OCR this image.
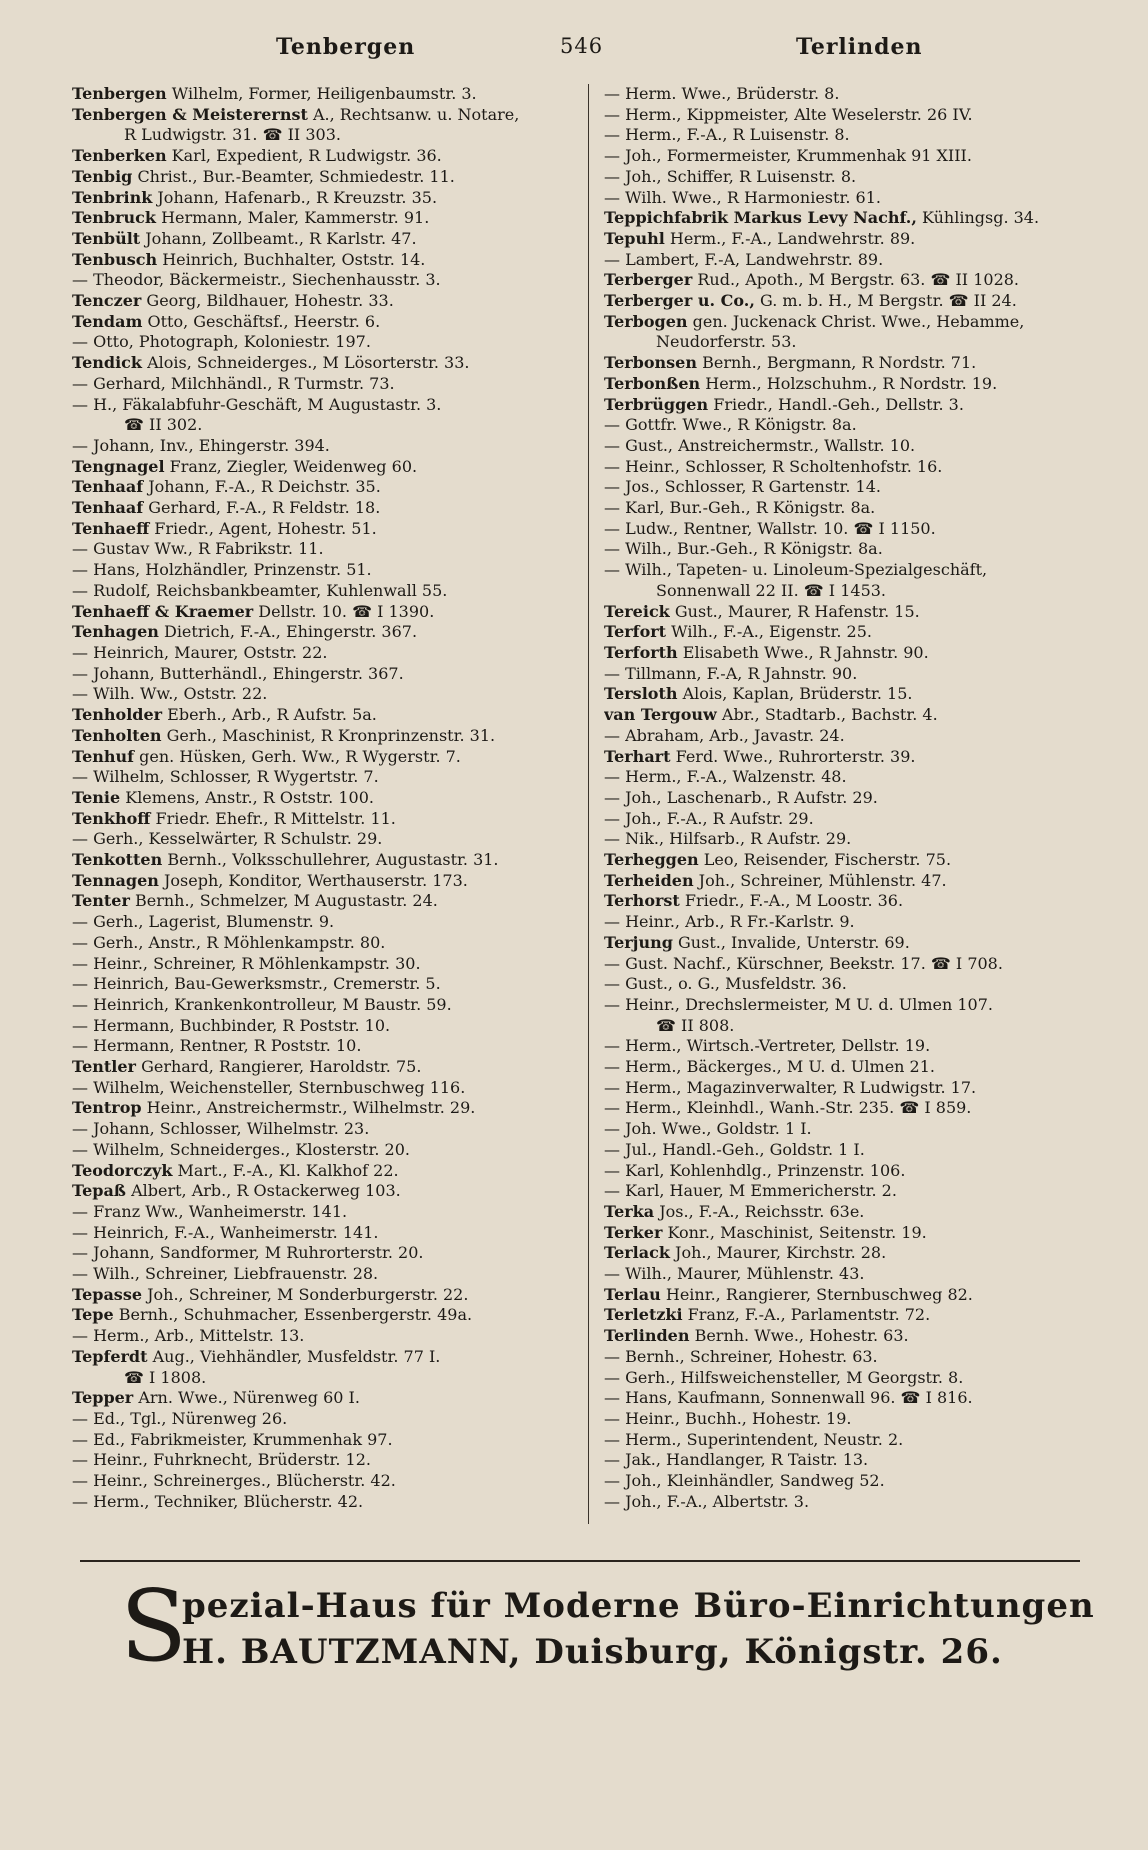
Tenbergen	546	Terlinden
Tenbergen Wilhelm, Former, Heiligenbaumstr. 3.
Tenbergen & Meisterernst A., Rechtsanw. u. Notare,
R Ludwigstr. 31. ☎ II 303.
Tenberken Karl, Expedient, R Ludwigstr. 36.
Tenbig Christ., Bur.-Beamter, Schmiedestr. 11.
Tenbrink Johann, Hafenarb., R Kreuzstr. 35.
Tenbruck Hermann, Maler, Kammerstr. 91.
Tenbült Johann, Zollbeamt., R Karlstr. 47.
Tenbusch Heinrich, Buchhalter, Oststr. 14.
— Theodor, Bäckermeistr., Siechenhausstr. 3.
Tenczer Georg, Bildhauer, Hohestr. 33.
Tendam Otto, Geschäftsf., Heerstr. 6.
— Otto, Photograph, Koloniestr. 197.
Tendick Alois, Schneiderges., M Lösorterstr. 33.
— Gerhard, Milchhändl., R Turmstr. 73.
— H., Fäkalabfuhr-Geschäft, M Augustastr. 3.
☎ II 302.
— Johann, Inv., Ehingerstr. 394.
Tengnagel Franz, Ziegler, Weidenweg 60.
Tenhaaf Johann, F.-A., R Deichstr. 35.
Tenhaaf Gerhard, F.-A., R Feldstr. 18.
Tenhaeff Friedr., Agent, Hohestr. 51.
— Gustav Ww., R Fabrikstr. 11.
— Hans, Holzhändler, Prinzenstr. 51.
— Rudolf, Reichsbankbeamter, Kuhlenwall 55.
Tenhaeff & Kraemer Dellstr. 10. ☎ I 1390.
Tenhagen Dietrich, F.-A., Ehingerstr. 367.
— Heinrich, Maurer, Oststr. 22.
— Johann, Butterhändl., Ehingerstr. 367.
— Wilh. Ww., Oststr. 22.
Tenholder Eberh., Arb., R Aufstr. 5a.
Tenholten Gerh., Maschinist, R Kronprinzenstr. 31.
Tenhuf gen. Hüsken, Gerh. Ww., R Wygerstr. 7.
— Wilhelm, Schlosser, R Wygertstr. 7.
Tenie Klemens, Anstr., R Oststr. 100.
Tenkhoff Friedr. Ehefr., R Mittelstr. 11.
— Gerh., Kesselwärter, R Schulstr. 29.
Tenkotten Bernh., Volksschullehrer, Augustastr. 31.
Tennagen Joseph, Konditor, Werthauserstr. 173.
Tenter Bernh., Schmelzer, M Augustastr. 24.
— Gerh., Lagerist, Blumenstr. 9.
— Gerh., Anstr., R Möhlenkampstr. 80.
— Heinr., Schreiner, R Möhlenkampstr. 30.
— Heinrich, Bau-Gewerksmstr., Cremerstr. 5.
— Heinrich, Krankenkontrolleur, M Baustr. 59.
— Hermann, Buchbinder, R Poststr. 10.
— Hermann, Rentner, R Poststr. 10.
Tentler Gerhard, Rangierer, Haroldstr. 75.
— Wilhelm, Weichensteller, Sternbuschweg 116.
Tentrop Heinr., Anstreichermstr., Wilhelmstr. 29.
— Johann, Schlosser, Wilhelmstr. 23.
— Wilhelm, Schneiderges., Klosterstr. 20.
Teodorczyk Mart., F.-A., Kl. Kalkhof 22.
Tepaß Albert, Arb., R Ostackerweg 103.
— Franz Ww., Wanheimerstr. 141.
— Heinrich, F.-A., Wanheimerstr. 141.
— Johann, Sandformer, M Ruhrorterstr. 20.
— Wilh., Schreiner, Liebfrauenstr. 28.
Tepasse Joh., Schreiner, M Sonderburgerstr. 22.
Tepe Bernh., Schuhmacher, Essenbergerstr. 49a.
— Herm., Arb., Mittelstr. 13.
Tepferdt Aug., Viehhändler, Musfeldstr. 77 I.
☎ I 1808.
Tepper Arn. Wwe., Nürenweg 60 I.
— Ed., Tgl., Nürenweg 26.
— Ed., Fabrikmeister, Krummenhak 97.
— Heinr., Fuhrknecht, Brüderstr. 12.
— Heinr., Schreinerges., Blücherstr. 42.
— Herm., Techniker, Blücherstr. 42.
— Herm. Wwe., Brüderstr. 8.
— Herm., Kippmeister, Alte Weselerstr. 26 IV.
— Herm., F.-A., R Luisenstr. 8.
— Joh., Formermeister, Krummenhak 91 XIII.
— Joh., Schiffer, R Luisenstr. 8.
— Wilh. Wwe., R Harmoniestr. 61.
Teppichfabrik Markus Levy Nachf., Kühlingsg. 34.
Tepuhl Herm., F.-A., Landwehrstr. 89.
— Lambert, F.-A, Landwehrstr. 89.
Terberger Rud., Apoth., M Bergstr. 63. ☎ II 1028.
Terberger u. Co., G. m. b. H., M Bergstr. ☎ II 24.
Terbogen gen. Juckenack Christ. Wwe., Hebamme,
Neudorferstr. 53.
Terbonsen Bernh., Bergmann, R Nordstr. 71.
Terbonßen Herm., Holzschuhm., R Nordstr. 19.
Terbrüggen Friedr., Handl.-Geh., Dellstr. 3.
— Gottfr. Wwe., R Königstr. 8a.
— Gust., Anstreichermstr., Wallstr. 10.
— Heinr., Schlosser, R Scholtenhofstr. 16.
— Jos., Schlosser, R Gartenstr. 14.
— Karl, Bur.-Geh., R Königstr. 8a.
— Ludw., Rentner, Wallstr. 10. ☎ I 1150.
— Wilh., Bur.-Geh., R Königstr. 8a.
— Wilh., Tapeten- u. Linoleum-Spezialgeschäft,
Sonnenwall 22 II. ☎ I 1453.
Tereick Gust., Maurer, R Hafenstr. 15.
Terfort Wilh., F.-A., Eigenstr. 25.
Terforth Elisabeth Wwe., R Jahnstr. 90.
— Tillmann, F.-A, R Jahnstr. 90.
Tersloth Alois, Kaplan, Brüderstr. 15.
van Tergouw Abr., Stadtarb., Bachstr. 4.
— Abraham, Arb., Javastr. 24.
Terhart Ferd. Wwe., Ruhrorterstr. 39.
— Herm., F.-A., Walzenstr. 48.
— Joh., Laschenarb., R Aufstr. 29.
— Joh., F.-A., R Aufstr. 29.
— Nik., Hilfsarb., R Aufstr. 29.
Terheggen Leo, Reisender, Fischerstr. 75.
Terheiden Joh., Schreiner, Mühlenstr. 47.
Terhorst Friedr., F.-A., M Loostr. 36.
— Heinr., Arb., R Fr.-Karlstr. 9.
Terjung Gust., Invalide, Unterstr. 69.
— Gust. Nachf., Kürschner, Beekstr. 17. ☎ I 708.
— Gust., o. G., Musfeldstr. 36.
— Heinr., Drechslermeister, M U. d. Ulmen 107.
☎ II 808.
— Herm., Wirtsch.-Vertreter, Dellstr. 19.
— Herm., Bäckerges., M U. d. Ulmen 21.
— Herm., Magazinverwalter, R Ludwigstr. 17.
— Herm., Kleinhdl., Wanh.-Str. 235. ☎ I 859.
— Joh. Wwe., Goldstr. 1 I.
— Jul., Handl.-Geh., Goldstr. 1 I.
— Karl, Kohlenhdlg., Prinzenstr. 106.
— Karl, Hauer, M Emmericherstr. 2.
Terka Jos., F.-A., Reichsstr. 63e.
Terker Konr., Maschinist, Seitenstr. 19.
Terlack Joh., Maurer, Kirchstr. 28.
— Wilh., Maurer, Mühlenstr. 43.
Terlau Heinr., Rangierer, Sternbuschweg 82.
Terletzki Franz, F.-A., Parlamentstr. 72.
Terlinden Bernh. Wwe., Hohestr. 63.
— Bernh., Schreiner, Hohestr. 63.
— Gerh., Hilfsweichensteller, M Georgstr. 8.
— Hans, Kaufmann, Sonnenwall 96. ☎ I 816.
— Heinr., Buchh., Hohestr. 19.
— Herm., Superintendent, Neustr. 2.
— Jak., Handlanger, R Taistr. 13.
— Joh., Kleinhändler, Sandweg 52.
— Joh., F.-A., Albertstr. 3.
S
pezial-Haus für Moderne Büro-Einrichtungen
H. BAUTZMANN, Duisburg, Königstr. 26.
